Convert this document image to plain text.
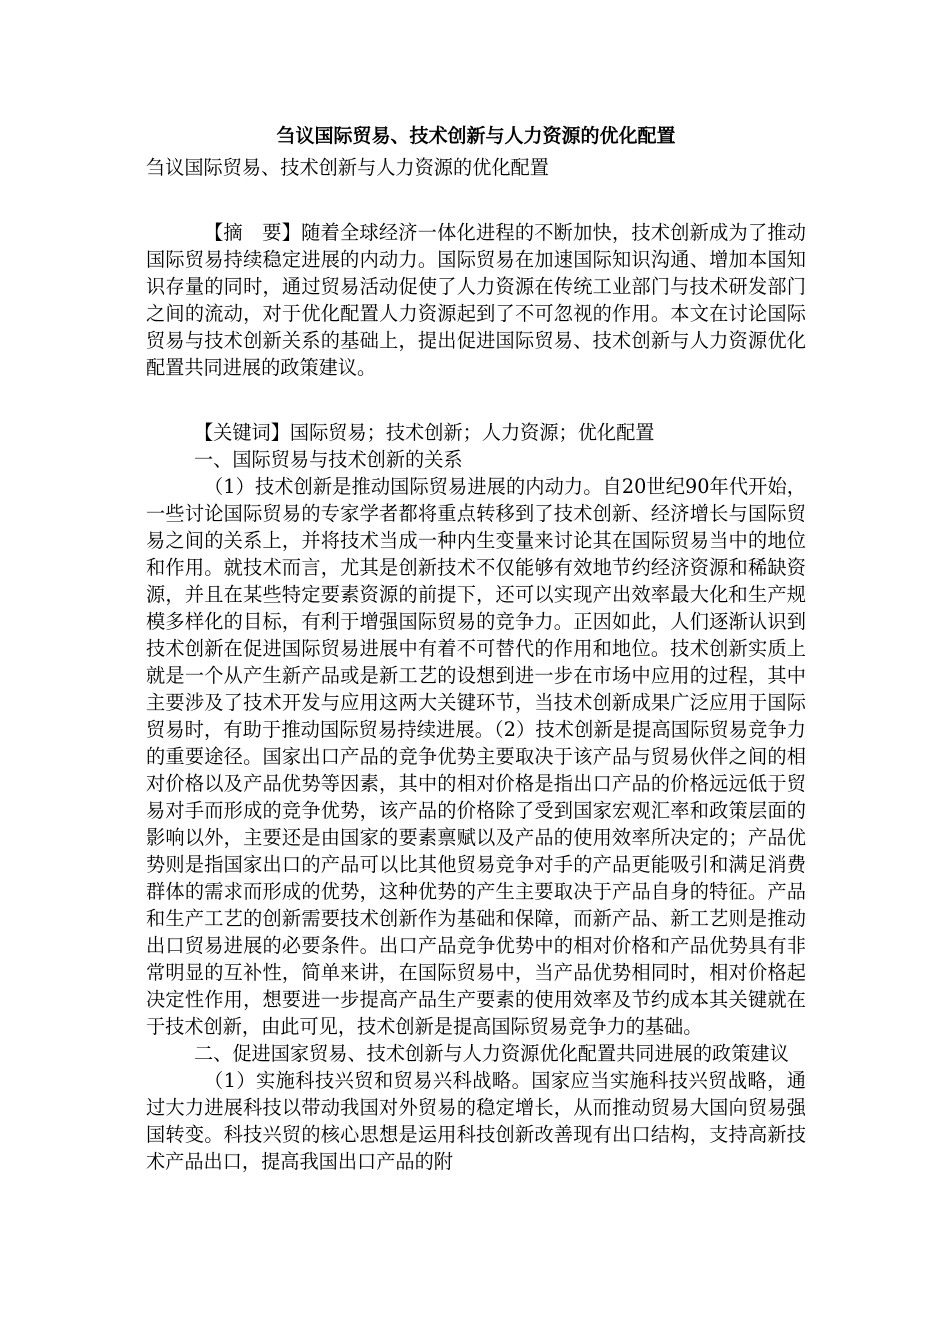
刍议国际贸易、技术创新与人力资源的优化配置

刍议国际贸易、技术创新与人力资源的优化配置

【摘　要】随着全球经济一体化进程的不断加快，技术创新成为了推动国际贸易持续稳定进展的内动力。国际贸易在加速国际知识沟通、增加本国知识存量的同时，通过贸易活动促使了人力资源在传统工业部门与技术研发部门之间的流动，对于优化配置人力资源起到了不可忽视的作用。本文在讨论国际贸易与技术创新关系的基础上，提出促进国际贸易、技术创新与人力资源优化配置共同进展的政策建议。

【关键词】国际贸易；技术创新；人力资源；优化配置

一、国际贸易与技术创新的关系

（1）技术创新是推动国际贸易进展的内动力。自20世纪90年代开始，一些讨论国际贸易的专家学者都将重点转移到了技术创新、经济增长与国际贸易之间的关系上，并将技术当成一种内生变量来讨论其在国际贸易当中的地位和作用。就技术而言，尤其是创新技术不仅能够有效地节约经济资源和稀缺资源，并且在某些特定要素资源的前提下，还可以实现产出效率最大化和生产规模多样化的目标，有利于增强国际贸易的竞争力。正因如此，人们逐渐认识到技术创新在促进国际贸易进展中有着不可替代的作用和地位。技术创新实质上就是一个从产生新产品或是新工艺的设想到进一步在市场中应用的过程，其中主要涉及了技术开发与应用这两大关键环节，当技术创新成果广泛应用于国际贸易时，有助于推动国际贸易持续进展。（2）技术创新是提高国际贸易竞争力的重要途径。国家出口产品的竞争优势主要取决于该产品与贸易伙伴之间的相对价格以及产品优势等因素，其中的相对价格是指出口产品的价格远远低于贸易对手而形成的竞争优势，该产品的价格除了受到国家宏观汇率和政策层面的影响以外，主要还是由国家的要素禀赋以及产品的使用效率所决定的；产品优势则是指国家出口的产品可以比其他贸易竞争对手的产品更能吸引和满足消费群体的需求而形成的优势，这种优势的产生主要取决于产品自身的特征。产品和生产工艺的创新需要技术创新作为基础和保障，而新产品、新工艺则是推动出口贸易进展的必要条件。出口产品竞争优势中的相对价格和产品优势具有非常明显的互补性，简单来讲，在国际贸易中，当产品优势相同时，相对价格起决定性作用，想要进一步提高产品生产要素的使用效率及节约成本其关键就在于技术创新，由此可见，技术创新是提高国际贸易竞争力的基础。

二、促进国家贸易、技术创新与人力资源优化配置共同进展的政策建议

（1）实施科技兴贸和贸易兴科战略。国家应当实施科技兴贸战略，通过大力进展科技以带动我国对外贸易的稳定增长，从而推动贸易大国向贸易强国转变。科技兴贸的核心思想是运用科技创新改善现有出口结构，支持高新技术产品出口，提高我国出口产品的附
